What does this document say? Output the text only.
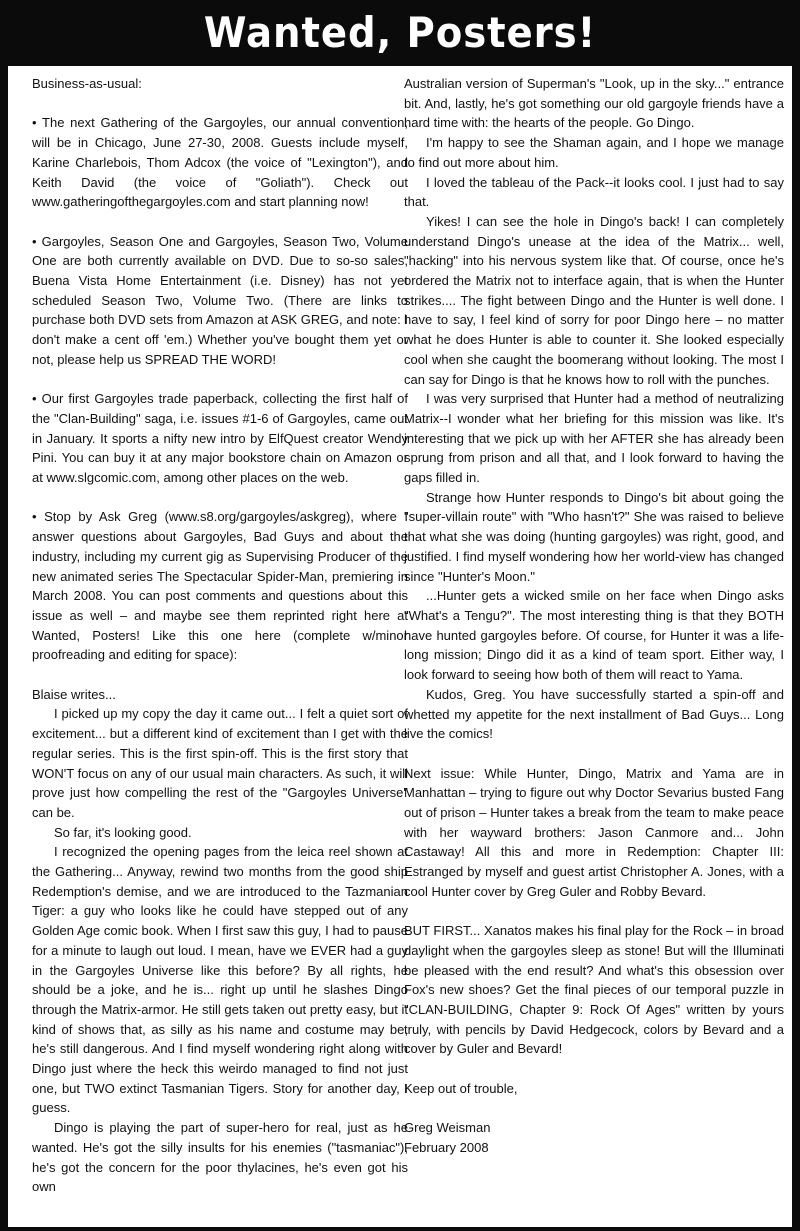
Wanted, Posters!

Business-as-usual:

• The next Gathering of the Gargoyles, our annual convention, will be in Chicago, June 27-30, 2008. Guests include myself, Karine Charlebois, Thom Adcox (the voice of "Lexington"), and Keith David (the voice of "Goliath"). Check out www.gatheringofthegargoyles.com and start planning now!

• Gargoyles, Season One and Gargoyles, Season Two, Volume One are both currently available on DVD. Due to so-so sales, Buena Vista Home Entertainment (i.e. Disney) has not yet scheduled Season Two, Volume Two. (There are links to purchase both DVD sets from Amazon at ASK GREG, and note: I don't make a cent off 'em.) Whether you've bought them yet or not, please help us SPREAD THE WORD!

• Our first Gargoyles trade paperback, collecting the first half of the "Clan-Building" saga, i.e. issues #1-6 of Gargoyles, came out in January. It sports a nifty new intro by ElfQuest creator Wendy Pini. You can buy it at any major bookstore chain on Amazon or at www.slgcomic.com, among other places on the web.

• Stop by Ask Greg (www.s8.org/gargoyles/askgreg), where I answer questions about Gargoyles, Bad Guys and about the industry, including my current gig as Supervising Producer of the new animated series The Spectacular Spider-Man, premiering in March 2008. You can post comments and questions about this issue as well – and maybe see them reprinted right here at Wanted, Posters! Like this one here (complete w/minor proofreading and editing for space):

Blaise writes...

I picked up my copy the day it came out... I felt a quiet sort of excitement... but a different kind of excitement than I get with the regular series. This is the first spin-off. This is the first story that WON'T focus on any of our usual main characters. As such, it will prove just how compelling the rest of the "Gargoyles Universe" can be.

So far, it's looking good.

I recognized the opening pages from the leica reel shown at the Gathering... Anyway, rewind two months from the good ship Redemption's demise, and we are introduced to the Tazmanian Tiger: a guy who looks like he could have stepped out of any Golden Age comic book. When I first saw this guy, I had to pause for a minute to laugh out loud. I mean, have we EVER had a guy in the Gargoyles Universe like this before? By all rights, he should be a joke, and he is... right up until he slashes Dingo through the Matrix-armor. He still gets taken out pretty easy, but it kind of shows that, as silly as his name and costume may be, he's still dangerous. And I find myself wondering right along with Dingo just where the heck this weirdo managed to find not just one, but TWO extinct Tasmanian Tigers. Story for another day, I guess.

Dingo is playing the part of super-hero for real, just as he wanted. He's got the silly insults for his enemies ("tasmaniac"), he's got the concern for the poor thylacines, he's even got his own

Australian version of Superman's "Look, up in the sky..." entrance bit. And, lastly, he's got something our old gargoyle friends have a hard time with: the hearts of the people. Go Dingo.

I'm happy to see the Shaman again, and I hope we manage to find out more about him.

I loved the tableau of the Pack--it looks cool. I just had to say that.

Yikes! I can see the hole in Dingo's back! I can completely understand Dingo's unease at the idea of the Matrix... well, "hacking" into his nervous system like that. Of course, once he's ordered the Matrix not to interface again, that is when the Hunter strikes.... The fight between Dingo and the Hunter is well done. I have to say, I feel kind of sorry for poor Dingo here – no matter what he does Hunter is able to counter it. She looked especially cool when she caught the boomerang without looking. The most I can say for Dingo is that he knows how to roll with the punches.

I was very surprised that Hunter had a method of neutralizing Matrix--I wonder what her briefing for this mission was like. It's interesting that we pick up with her AFTER she has already been sprung from prison and all that, and I look forward to having the gaps filled in.

Strange how Hunter responds to Dingo's bit about going the "super-villain route" with "Who hasn't?" She was raised to believe that what she was doing (hunting gargoyles) was right, good, and justified. I find myself wondering how her world-view has changed since "Hunter's Moon."

...Hunter gets a wicked smile on her face when Dingo asks "What's a Tengu?". The most interesting thing is that they BOTH have hunted gargoyles before. Of course, for Hunter it was a life-long mission; Dingo did it as a kind of team sport. Either way, I look forward to seeing how both of them will react to Yama.

Kudos, Greg. You have successfully started a spin-off and whetted my appetite for the next installment of Bad Guys... Long live the comics!

Next issue: While Hunter, Dingo, Matrix and Yama are in Manhattan – trying to figure out why Doctor Sevarius busted Fang out of prison – Hunter takes a break from the team to make peace with her wayward brothers: Jason Canmore and... John Castaway! All this and more in Redemption: Chapter III: Estranged by myself and guest artist Christopher A. Jones, with a cool Hunter cover by Greg Guler and Robby Bevard.

BUT FIRST... Xanatos makes his final play for the Rock – in broad daylight when the gargoyles sleep as stone! But will the Illuminati be pleased with the end result? And what's this obsession over Fox's new shoes? Get the final pieces of our temporal puzzle in "CLAN-BUILDING, Chapter 9: Rock Of Ages" written by yours truly, with pencils by David Hedgecock, colors by Bevard and a cover by Guler and Bevard!

Keep out of trouble,

Greg Weisman

February 2008
